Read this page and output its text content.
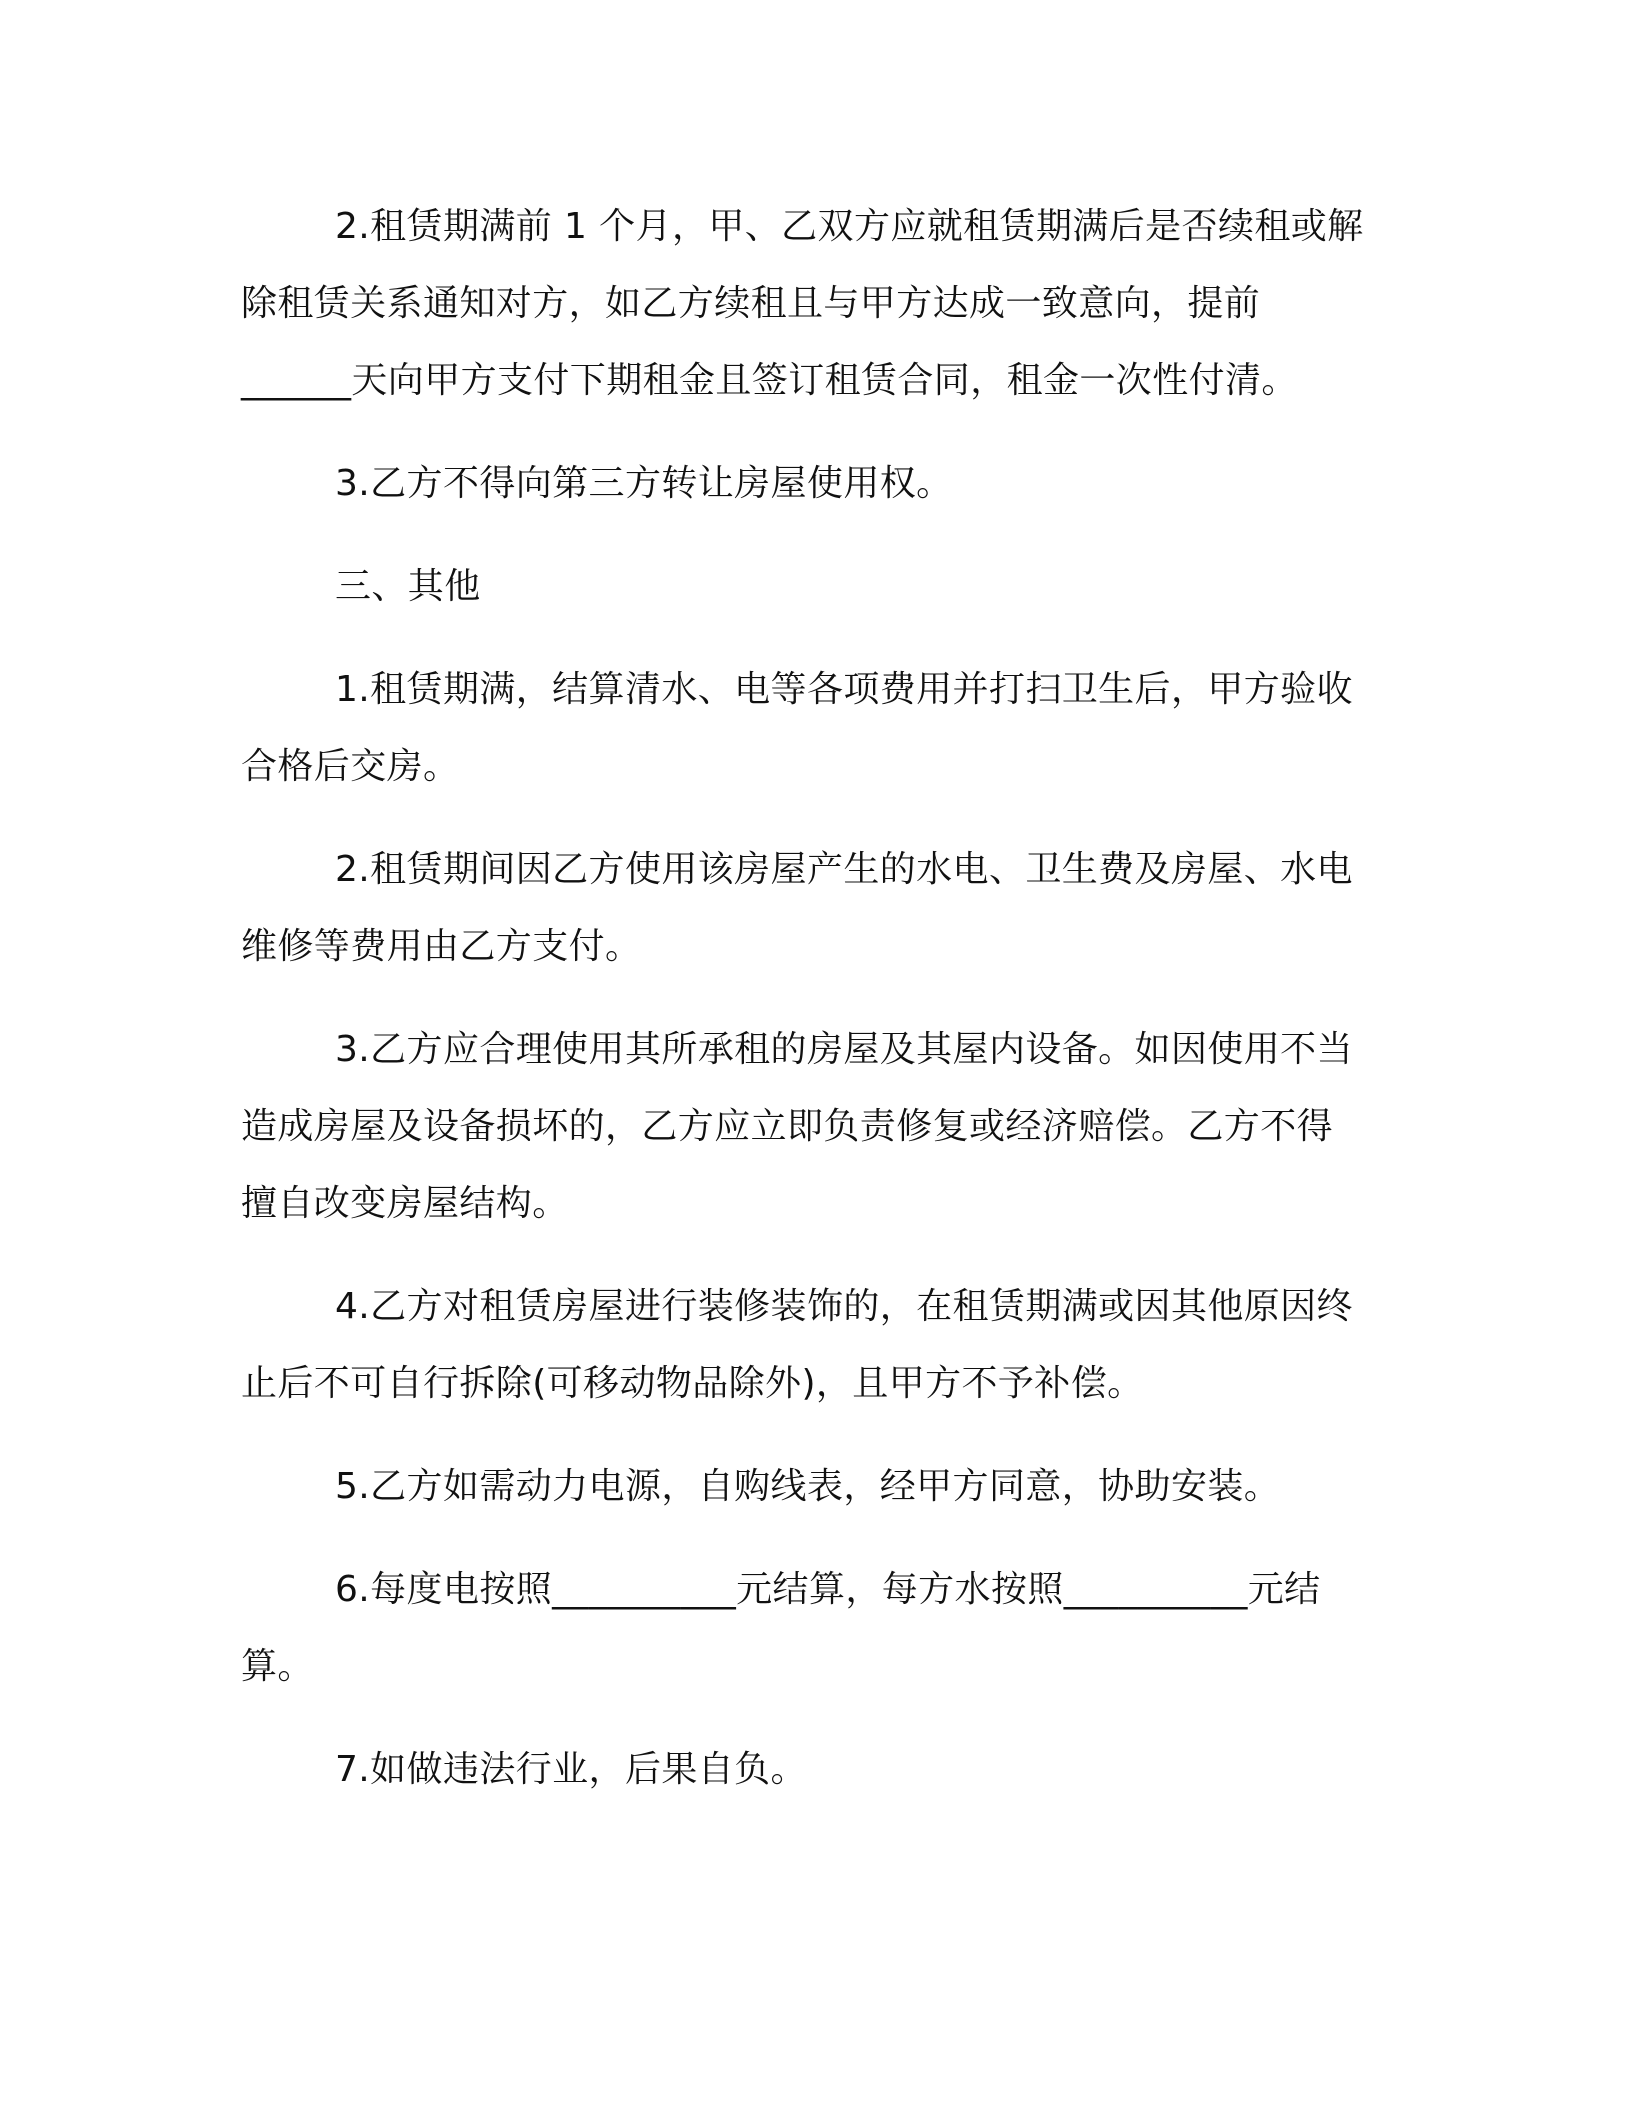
2.租赁期满前 1 个月，甲、乙双方应就租赁期满后是否续租或解
除租赁关系通知对方，如乙方续租且与甲方达成一致意向，提前
______天向甲方支付下期租金且签订租赁合同，租金一次性付清。

3.乙方不得向第三方转让房屋使用权。

三、其他

1.租赁期满，结算清水、电等各项费用并打扫卫生后，甲方验收
合格后交房。

2.租赁期间因乙方使用该房屋产生的水电、卫生费及房屋、水电
维修等费用由乙方支付。

3.乙方应合理使用其所承租的房屋及其屋内设备。如因使用不当
造成房屋及设备损坏的，乙方应立即负责修复或经济赔偿。乙方不得
擅自改变房屋结构。

4.乙方对租赁房屋进行装修装饰的，在租赁期满或因其他原因终
止后不可自行拆除(可移动物品除外)，且甲方不予补偿。

5.乙方如需动力电源，自购线表，经甲方同意，协助安装。

6.每度电按照__________元结算，每方水按照__________元结
算。

7.如做违法行业，后果自负。
